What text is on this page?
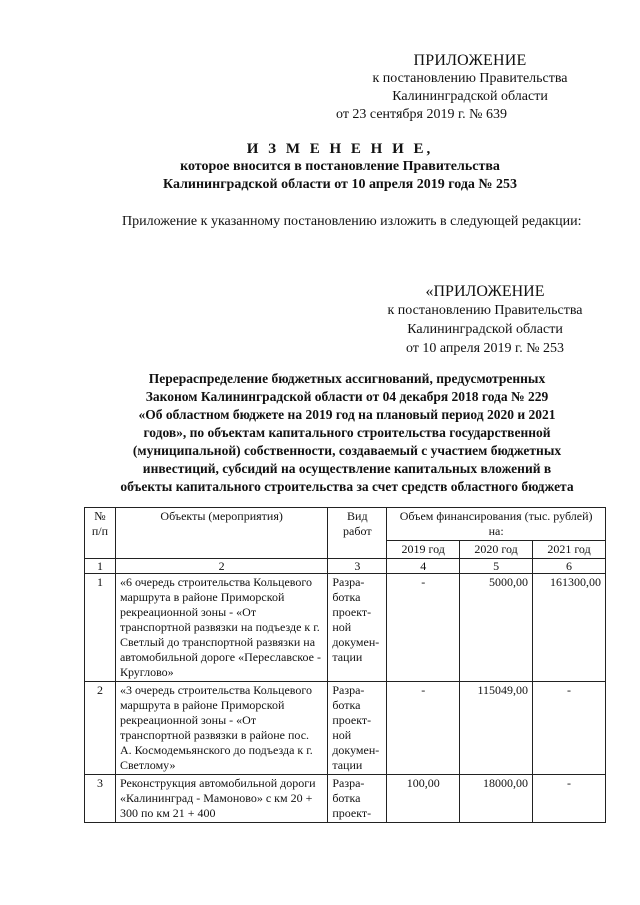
ПРИЛОЖЕНИЕ
к постановлению Правительства
Калининградской области
от 23 сентября 2019 г. № 639
И З М Е Н Е Н И Е,
которое вносится в постановление Правительства
Калининградской области от 10 апреля 2019 года № 253
Приложение к указанному постановлению изложить в следующей редакции:
«ПРИЛОЖЕНИЕ
к постановлению Правительства
Калининградской области
от 10 апреля 2019 г. № 253
Перераспределение бюджетных ассигнований, предусмотренных
Законом Калининградской области от 04 декабря 2018 года № 229
«Об областном бюджете на 2019 год на плановый период 2020 и 2021
годов», по объектам капитального строительства государственной
(муниципальной) собственности, создаваемый с участием бюджетных
инвестиций, субсидий на осуществление капитальных вложений в
объекты капитального строительства за счет средств областного бюджета
№ п/п	Объекты (мероприятия)	Вид работ	Объем финансирования (тыс. рублей) на:		
			2019 год	2020 год	2021 год
1	2	3	4	5	6
1	«6 очередь строительства Кольцевого маршрута в районе Приморской рекреационной зоны - «От транспортной развязки на подъезде к г. Светлый до транспортной развязки на автомобильной дороге «Переславское - Круглово»	Разра-ботка проект-ной докумен-тации	-	5000,00	161300,00
2	«3 очередь строительства Кольцевого маршрута в районе Приморской рекреационной зоны - «От транспортной развязки в районе пос. А. Космодемьянского до подъезда к г. Светлому»	Разра-ботка проект-ной докумен-тации	-	115049,00	-
3	Реконструкция автомобильной дороги «Калининград - Мамоново» с км 20 + 300 по км 21 + 400	Разра-ботка проект-	100,00	18000,00	-
